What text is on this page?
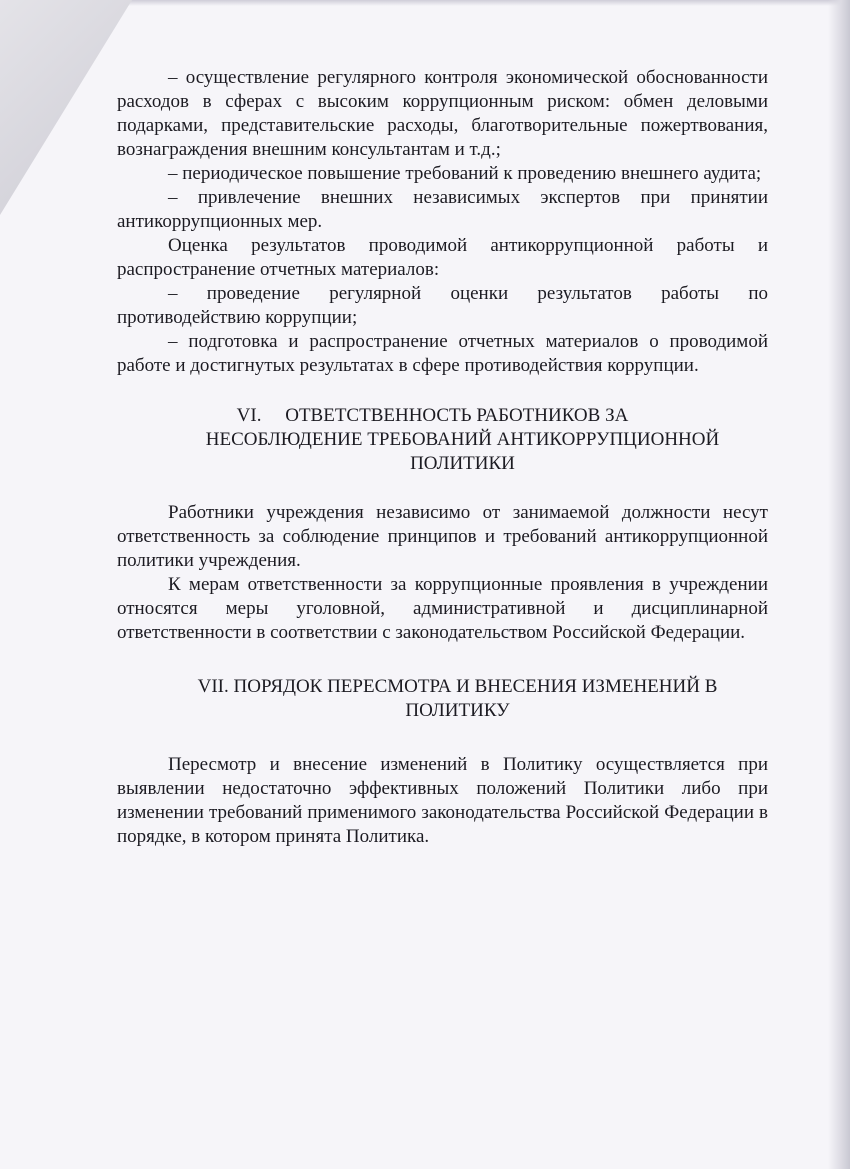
– осуществление регулярного контроля экономической обоснованности расходов в сферах с высоким коррупционным риском: обмен деловыми подарками, представительские расходы, благотворительные пожертвования, вознаграждения внешним консультантам и т.д.;

– периодическое повышение требований к проведению внешнего аудита;

– привлечение внешних независимых экспертов при принятии антикоррупционных мер.

Оценка результатов проводимой антикоррупционной работы и распространение отчетных материалов:

– проведение регулярной оценки результатов работы по противодействию коррупции;

– подготовка и распространение отчетных материалов о проводимой работе и достигнутых результатах в сфере противодействия коррупции.

VI.     ОТВЕТСТВЕННОСТЬ РАБОТНИКОВ ЗА
НЕСОБЛЮДЕНИЕ ТРЕБОВАНИЙ АНТИКОРРУПЦИОННОЙ
ПОЛИТИКИ

Работники учреждения независимо от занимаемой должности несут ответственность за соблюдение принципов и требований антикоррупционной политики учреждения.

К мерам ответственности за коррупционные проявления в учреждении относятся меры уголовной, административной и дисциплинарной ответственности в соответствии с законодательством Российской Федерации.

VII. ПОРЯДОК ПЕРЕСМОТРА И ВНЕСЕНИЯ ИЗМЕНЕНИЙ В
ПОЛИТИКУ

Пересмотр и внесение изменений в Политику осуществляется при выявлении недостаточно эффективных положений Политики либо при изменении требований применимого законодательства Российской Федерации в порядке, в котором принята Политика.
